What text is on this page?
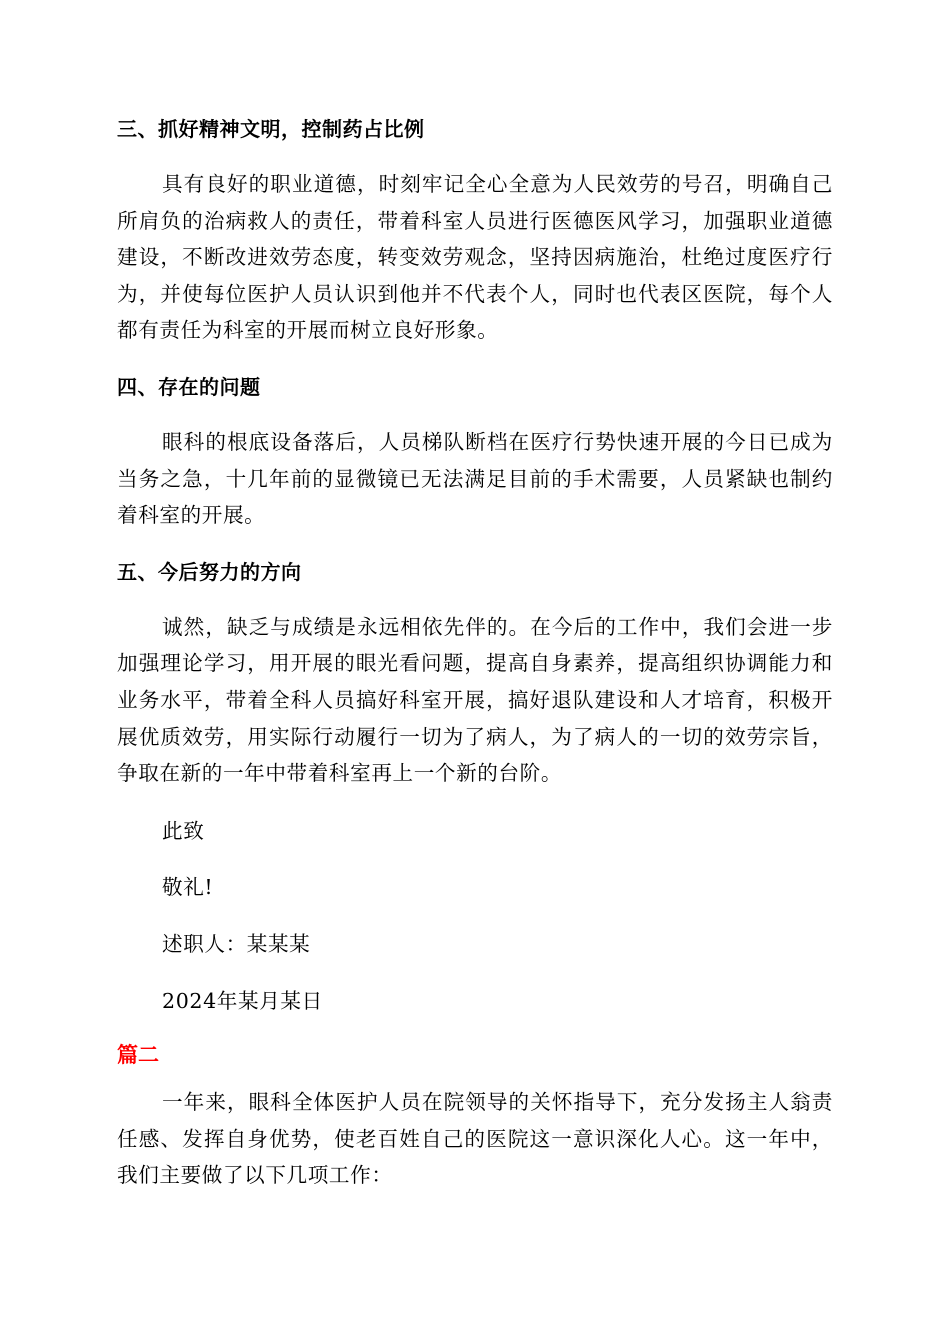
三、抓好精神文明，控制药占比例

具有良好的职业道德，时刻牢记全心全意为人民效劳的号召，明确自己所肩负的治病救人的责任，带着科室人员进行医德医风学习，加强职业道德建设，不断改进效劳态度，转变效劳观念，坚持因病施治，杜绝过度医疗行为，并使每位医护人员认识到他并不代表个人，同时也代表区医院，每个人都有责任为科室的开展而树立良好形象。

四、存在的问题

眼科的根底设备落后，人员梯队断档在医疗行势快速开展的今日已成为当务之急，十几年前的显微镜已无法满足目前的手术需要，人员紧缺也制约着科室的开展。

五、今后努力的方向

诚然，缺乏与成绩是永远相依先伴的。在今后的工作中，我们会进一步加强理论学习，用开展的眼光看问题，提高自身素养，提高组织协调能力和业务水平，带着全科人员搞好科室开展，搞好退队建设和人才培育，积极开展优质效劳，用实际行动履行一切为了病人，为了病人的一切的效劳宗旨，争取在新的一年中带着科室再上一个新的台阶。

此致

敬礼!

述职人：某某某

2024年某月某日

篇二

一年来，眼科全体医护人员在院领导的关怀指导下，充分发扬主人翁责任感、发挥自身优势，使老百姓自己的医院这一意识深化人心。这一年中，我们主要做了以下几项工作：
